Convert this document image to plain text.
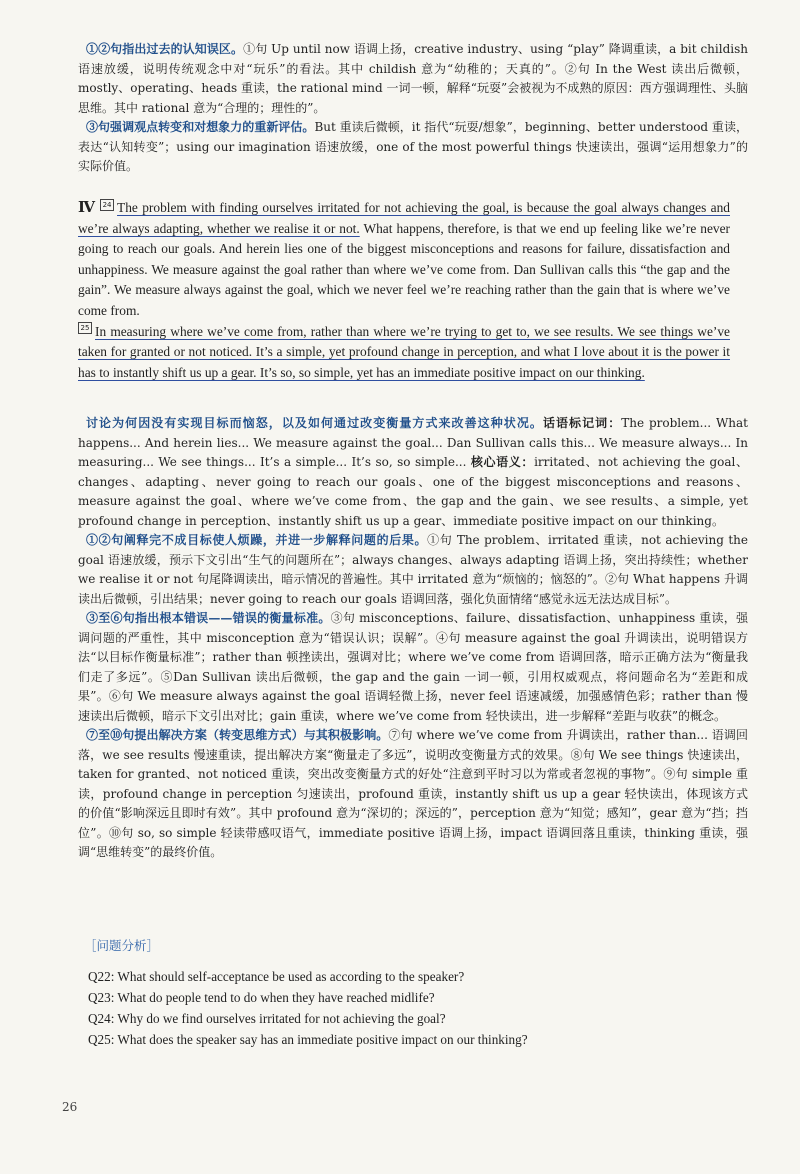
①②句指出过去的认知误区。①句 Up until now 语调上扬，creative industry、using “play” 降调重读，a bit childish 语速放缓，说明传统观念中对“玩乐”的看法。其中 childish 意为“幼稚的；天真的”。②句 In the West 读出后微顿，mostly、operating、heads 重读，the rational mind 一词一顿，解释“玩耍”会被视为不成熟的原因：西方强调理性、头脑思维。其中 rational 意为“合理的；理性的”。

③句强调观点转变和对想象力的重新评估。But 重读后微顿，it 指代“玩耍/想象”，beginning、better understood 重读，表达“认知转变”；using our imagination 语速放缓，one of the most powerful things 快速读出，强调“运用想象力”的实际价值。

Ⅳ 24 The problem with finding ourselves irritated for not achieving the goal, is because the goal always changes and we’re always adapting, whether we realise it or not. What happens, therefore, is that we end up feeling like we’re never going to reach our goals. And herein lies one of the biggest misconceptions and reasons for failure, dissatisfaction and unhappiness. We measure against the goal rather than where we’ve come from. Dan Sullivan calls this “the gap and the gain”. We measure always against the goal, which we never feel we’re reaching rather than the gain that is where we’ve come from.

25 In measuring where we’ve come from, rather than where we’re trying to get to, we see results. We see things we’ve taken for granted or not noticed. It’s a simple, yet profound change in perception, and what I love about it is the power it has to instantly shift us up a gear. It’s so, so simple, yet has an immediate positive impact on our thinking.

讨论为何因没有实现目标而恼怒，以及如何通过改变衡量方式来改善这种状况。话语标记词：The problem... What happens... And herein lies... We measure against the goal... Dan Sullivan calls this... We measure always... In measuring... We see things... It’s a simple... It’s so, so simple... 核心语义：irritated、not achieving the goal、changes、adapting、never going to reach our goals、one of the biggest misconceptions and reasons、measure against the goal、where we’ve come from、the gap and the gain、we see results、a simple, yet profound change in perception、instantly shift us up a gear、immediate positive impact on our thinking。

①②句阐释完不成目标使人烦躁，并进一步解释问题的后果。①句 The problem、irritated 重读，not achieving the goal 语速放缓，预示下文引出“生气的问题所在”；always changes、always adapting 语调上扬，突出持续性；whether we realise it or not 句尾降调读出，暗示情况的普遍性。其中 irritated 意为“烦恼的；恼怒的”。②句 What happens 升调读出后微顿，引出结果；never going to reach our goals 语调回落，强化负面情绪“感觉永远无法达成目标”。

③至⑥句指出根本错误——错误的衡量标准。③句 misconceptions、failure、dissatisfaction、unhappiness 重读，强调问题的严重性，其中 misconception 意为“错误认识；误解”。④句 measure against the goal 升调读出，说明错误方法“以目标作衡量标准”；rather than 顿挫读出，强调对比；where we’ve come from 语调回落，暗示正确方法为“衡量我们走了多远”。⑤Dan Sullivan 读出后微顿，the gap and the gain 一词一顿，引用权威观点，将问题命名为“差距和成果”。⑥句 We measure always against the goal 语调轻微上扬，never feel 语速减缓，加强感情色彩；rather than 慢速读出后微顿，暗示下文引出对比；gain 重读，where we’ve come from 轻快读出，进一步解释“差距与收获”的概念。

⑦至⑩句提出解决方案（转变思维方式）与其积极影响。⑦句 where we’ve come from 升调读出，rather than... 语调回落，we see results 慢速重读，提出解决方案“衡量走了多远”，说明改变衡量方式的效果。⑧句 We see things 快速读出，taken for granted、not noticed 重读，突出改变衡量方式的好处“注意到平时习以为常或者忽视的事物”。⑨句 simple 重读，profound change in perception 匀速读出，profound 重读，instantly shift us up a gear 轻快读出，体现该方式的价值“影响深远且即时有效”。其中 profound 意为“深切的；深远的”，perception 意为“知觉；感知”，gear 意为“挡；挡位”。⑩句 so, so simple 轻读带感叹语气，immediate positive 语调上扬，impact 语调回落且重读，thinking 重读，强调“思维转变”的最终价值。

［问题分析］

Q22: What should self-acceptance be used as according to the speaker?

Q23: What do people tend to do when they have reached midlife?

Q24: Why do we find ourselves irritated for not achieving the goal?

Q25: What does the speaker say has an immediate positive impact on our thinking?

26
